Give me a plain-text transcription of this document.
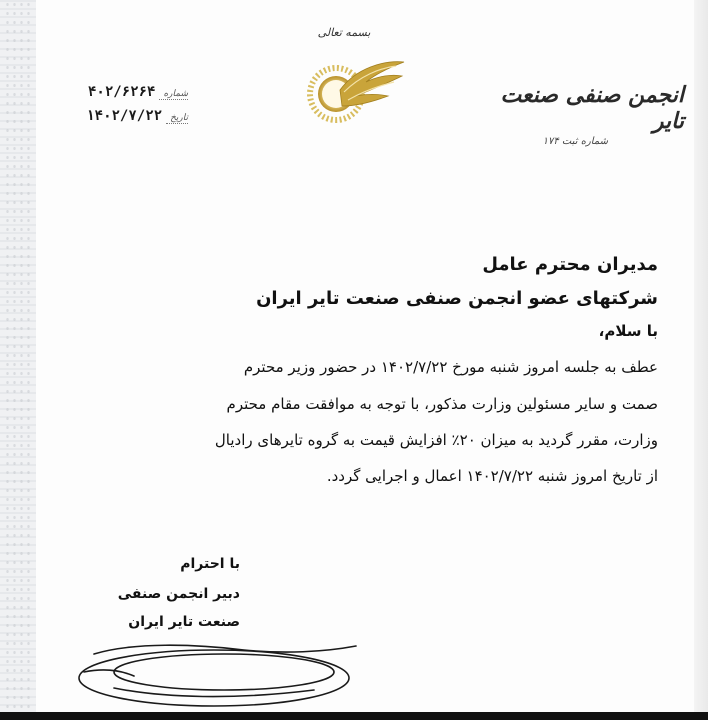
بسمه تعالی
انجمن صنفی صنعت تایر
شماره ثبت ۱۷۴
شماره
۴۰۲/۶۲۶۴
تاریخ
۱۴۰۲/۷/۲۲
مدیران محترم عامل
شرکتهای عضو انجمن صنفی صنعت تایر ایران
با سلام،
عطف به جلسه امروز شنبه مورخ ۱۴۰۲/۷/۲۲ در حضور وزیر محترم
صمت و سایر مسئولین وزارت مذکور، با توجه به موافقت مقام محترم
وزارت، مقرر گردید به میزان ۲۰٪ افزایش قیمت به گروه تایرهای رادیال
از تاریخ امروز شنبه ۱۴۰۲/۷/۲۲ اعمال و اجرایی گردد.
با احترام
دبیر انجمن صنفی
صنعت تایر ایران
